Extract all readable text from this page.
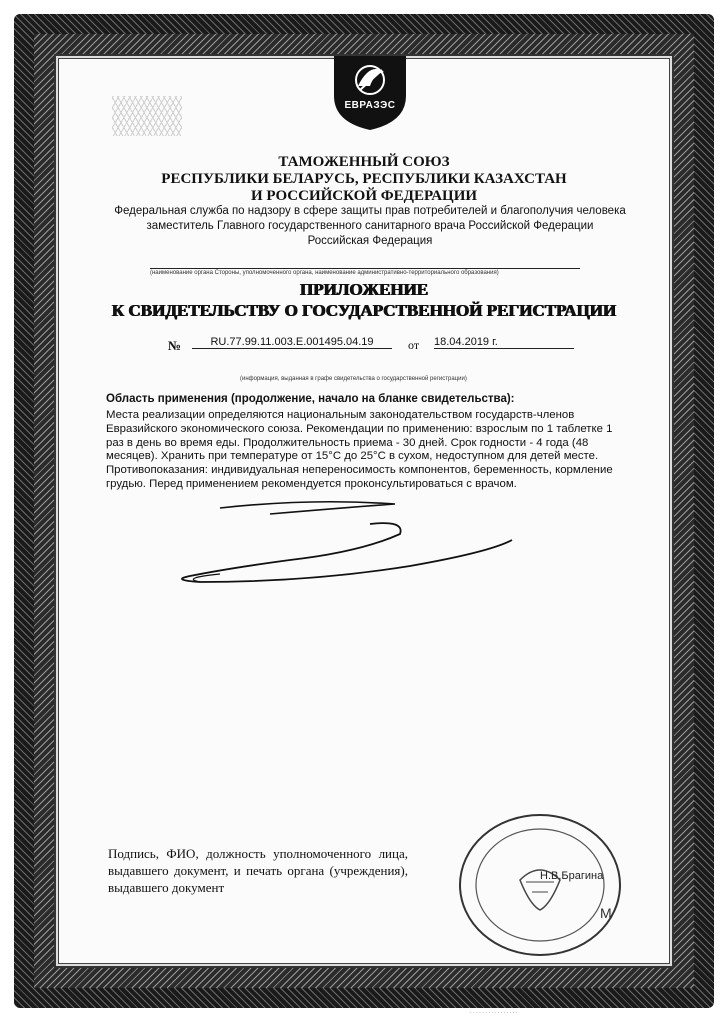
ЕВРАЗЭС

ТАМОЖЕННЫЙ СОЮЗ

РЕСПУБЛИКИ БЕЛАРУСЬ, РЕСПУБЛИКИ КАЗАХСТАН

И РОССИЙСКОЙ ФЕДЕРАЦИИ

Федеральная служба по надзору в сфере защиты прав потребителей и благополучия человека

заместитель Главного государственного санитарного врача Российской Федерации

Российская Федерация

(наименование органа Стороны, уполномоченного органа, наименование административно-территориального образования)

ПРИЛОЖЕНИЕ

К СВИДЕТЕЛЬСТВУ О ГОСУДАРСТВЕННОЙ РЕГИСТРАЦИИ

№	RU.77.99.11.003.E.001495.04.19	от 18.04.2019 г.
(информация, выданная в графе свидетельства о государственной регистрации)

Область применения (продолжение, начало на бланке свидетельства):

Места реализации определяются национальным законодательством государств-членов Евразийского экономического союза. Рекомендации по применению: взрослым по 1 таблетке 1 раз в день во время еды. Продолжительность приема - 30 дней. Срок годности - 4 года (48 месяцев). Хранить при температуре от 15°С до 25°С в сухом, недоступном для детей месте. Противопоказания: индивидуальная непереносимость компонентов, беременность, кормление грудью. Перед применением рекомендуется проконсультироваться с врачом.

Подпись, ФИО, должность уполномоченного лица, выдавшего документ, и печать органа (учреждения), выдавшего документ

М
Н.В.Брагина
· · · · · · · · · · · · · · · ·
